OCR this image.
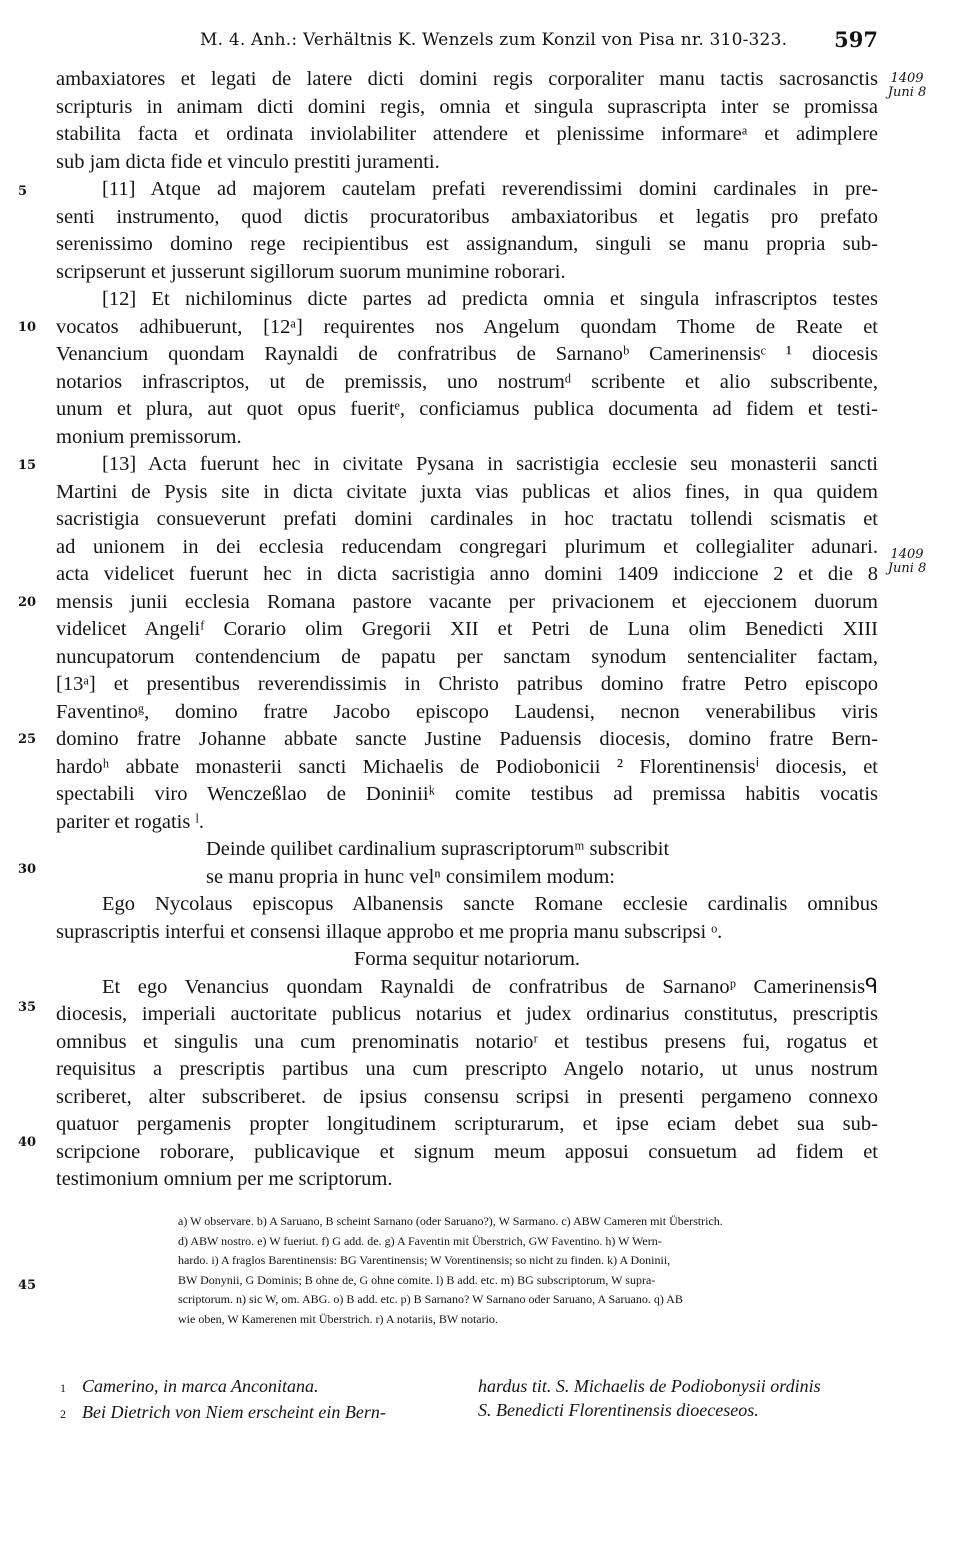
M. 4. Anh.: Verhältnis K. Wenzels zum Konzil von Pisa nr. 310-323. 597
1409
Juni 8
1409
Juni 8
5
10
15
20
25
30
35
40
45
ambaxiatores et legati de latere dicti domini regis corporaliter manu tactis sacrosanctis
scripturis in animam dicti domini regis, omnia et singula suprascripta inter se promissa
stabilita facta et ordinata inviolabiliter attendere et plenissime informareᵃ et adimplere
sub jam dicta fide et vinculo prestiti juramenti.
[11] Atque ad majorem cautelam prefati reverendissimi domini cardinales in pre-
senti instrumento, quod dictis procuratoribus ambaxiatoribus et legatis pro prefato
serenissimo domino rege recipientibus est assignandum, singuli se manu propria sub-
scripserunt et jusserunt sigillorum suorum munimine roborari.
[12] Et nichilominus dicte partes ad predicta omnia et singula infrascriptos testes
vocatos adhibuerunt, [12ᵃ] requirentes nos Angelum quondam Thome de Reate et
Venancium quondam Raynaldi de confratribus de Sarnanoᵇ Camerinensisᶜ ¹ diocesis
notarios infrascriptos, ut de premissis, uno nostrumᵈ scribente et alio subscribente,
unum et plura, aut quot opus fueritᵉ, conficiamus publica documenta ad fidem et testi-
monium premissorum.
[13] Acta fuerunt hec in civitate Pysana in sacristigia ecclesie seu monasterii sancti
Martini de Pysis site in dicta civitate juxta vias publicas et alios fines, in qua quidem
sacristigia consueverunt prefati domini cardinales in hoc tractatu tollendi scismatis et
ad unionem in dei ecclesia reducendam congregari plurimum et collegialiter adunari.
acta videlicet fuerunt hec in dicta sacristigia anno domini 1409 indiccione 2 et die 8
mensis junii ecclesia Romana pastore vacante per privacionem et ejeccionem duorum
videlicet Angeliᶠ Corario olim Gregorii XII et Petri de Luna olim Benedicti XIII
nuncupatorum contendencium de papatu per sanctam synodum sentencialiter factam,
[13ᵃ] et presentibus reverendissimis in Christo patribus domino fratre Petro episcopo
Faventinoᵍ, domino fratre Jacobo episcopo Laudensi, necnon venerabilibus viris
domino fratre Johanne abbate sancte Justine Paduensis diocesis, domino fratre Bern-
hardoʰ abbate monasterii sancti Michaelis de Podiobonicii ² Florentinensisⁱ diocesis, et
spectabili viro Wenczeßlao de Doniniiᵏ comite testibus ad premissa habitis vocatis
pariter et rogatis ˡ.
Deinde quilibet cardinalium suprascriptorumᵐ subscribit
se manu propria in hunc velⁿ consimilem modum:
Ego Nycolaus episcopus Albanensis sancte Romane ecclesie cardinalis omnibus
suprascriptis interfui et consensi illaque approbo et me propria manu subscripsi ᵒ.
Forma sequitur notariorum.
Et ego Venancius quondam Raynaldi de confratribus de Sarnanoᵖ Camerinensisᑫ
diocesis, imperiali auctoritate publicus notarius et judex ordinarius constitutus, prescriptis
omnibus et singulis una cum prenominatis notarioʳ et testibus presens fui, rogatus et
requisitus a prescriptis partibus una cum prescripto Angelo notario, ut unus nostrum
scriberet, alter subscriberet. de ipsius consensu scripsi in presenti pergameno connexo
quatuor pergamenis propter longitudinem scripturarum, et ipse eciam debet sua sub-
scripcione roborare, publicavique et signum meum apposui consuetum ad fidem et
testimonium omnium per me scriptorum.
a) W observare. b) A Saruano, B scheint Sarnano (oder Saruano?), W Sarmano. c) ABW Cameren mit Überstrich.
d) ABW nostro. e) W fueriut. f) G add. de. g) A Faventin mit Überstrich, GW Faventino. h) W Wern-
hardo. i) A fraglos Barentinensis: BG Varentinensis; W Vorentinensis; so nicht zu finden. k) A Doninii,
BW Donynii, G Dominis; B ohne de, G ohne comite. l) B add. etc. m) BG subscriptorum, W supra-
scriptorum. n) sic W, om. ABG. o) B add. etc. p) B Sarnano? W Sarnano oder Saruano, A Saruano. q) AB
wie oben, W Kamerenen mit Überstrich. r) A notariis, BW notario.
1 Camerino, in marca Anconitana.
2 Bei Dietrich von Niem erscheint ein Bern-
hardus tit. S. Michaelis de Podiobonysii ordinis
S. Benedicti Florentinensis dioeceseos.
